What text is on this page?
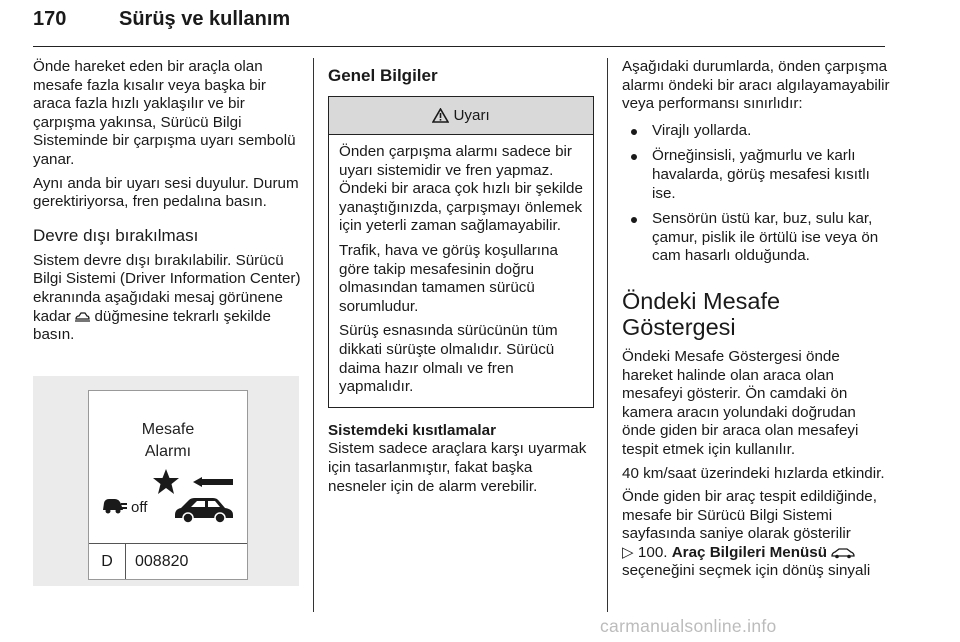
170	Sürüş ve kullanım

Önde hareket eden bir araçla olan mesafe fazla kısalır veya başka bir araca fazla hızlı yaklaşılır ve bir çarpışma yakınsa, Sürücü Bilgi Sisteminde bir çarpışma uyarı sembolü yanar.

Aynı anda bir uyarı sesi duyulur. Durum gerektiriyorsa, fren pedalına basın.

Devre dışı bırakılması

Sistem devre dışı bırakılabilir. Sürücü Bilgi Sistemi (Driver Information Center) ekranında aşağıdaki mesaj görünene kadar düğmesine tekrarlı şekilde basın.

Mesafe
Alarmı
off
D	008820
Genel Bilgiler
Uyarı

Önden çarpışma alarmı sadece bir uyarı sistemidir ve fren yapmaz. Öndeki bir araca çok hızlı bir şekilde yanaştığınızda, çarpışmayı önlemek için yeterli zaman sağlamayabilir.

Trafik, hava ve görüş koşullarına göre takip mesafesinin doğru olmasından tamamen sürücü sorumludur.

Sürüş esnasında sürücünün tüm dikkati sürüşte olmalıdır. Sürücü daima hazır olmalı ve fren yapmalıdır.

Sistemdeki kısıtlamalar

Sistem sadece araçlara karşı uyarmak için tasarlanmıştır, fakat başka nesneler için de alarm verebilir.

Aşağıdaki durumlarda, önden çarpışma alarmı öndeki bir aracı algılayamayabilir veya performansı sınırlıdır:

Virajlı yollarda.
Örneğinsisli, yağmurlu ve karlı havalarda, görüş mesafesi kısıtlı ise.
Sensörün üstü kar, buz, sulu kar, çamur, pislik ile örtülü ise veya ön cam hasarlı olduğunda.
Öndeki Mesafe Göstergesi

Öndeki Mesafe Göstergesi önde hareket halinde olan araca olan mesafeyi gösterir. Ön camdaki ön kamera aracın yolundaki doğrudan önde giden bir araca olan mesafeyi tespit etmek için kullanılır.

40 km/saat üzerindeki hızlarda etkindir.

Önde giden bir araç tespit edildiğinde, mesafe bir Sürücü Bilgi Sistemi sayfasında saniye olarak gösterilir
▷ 100. Araç Bilgileri Menüsü
seçeneğini seçmek için dönüş sinyali

carmanualsonline.info
